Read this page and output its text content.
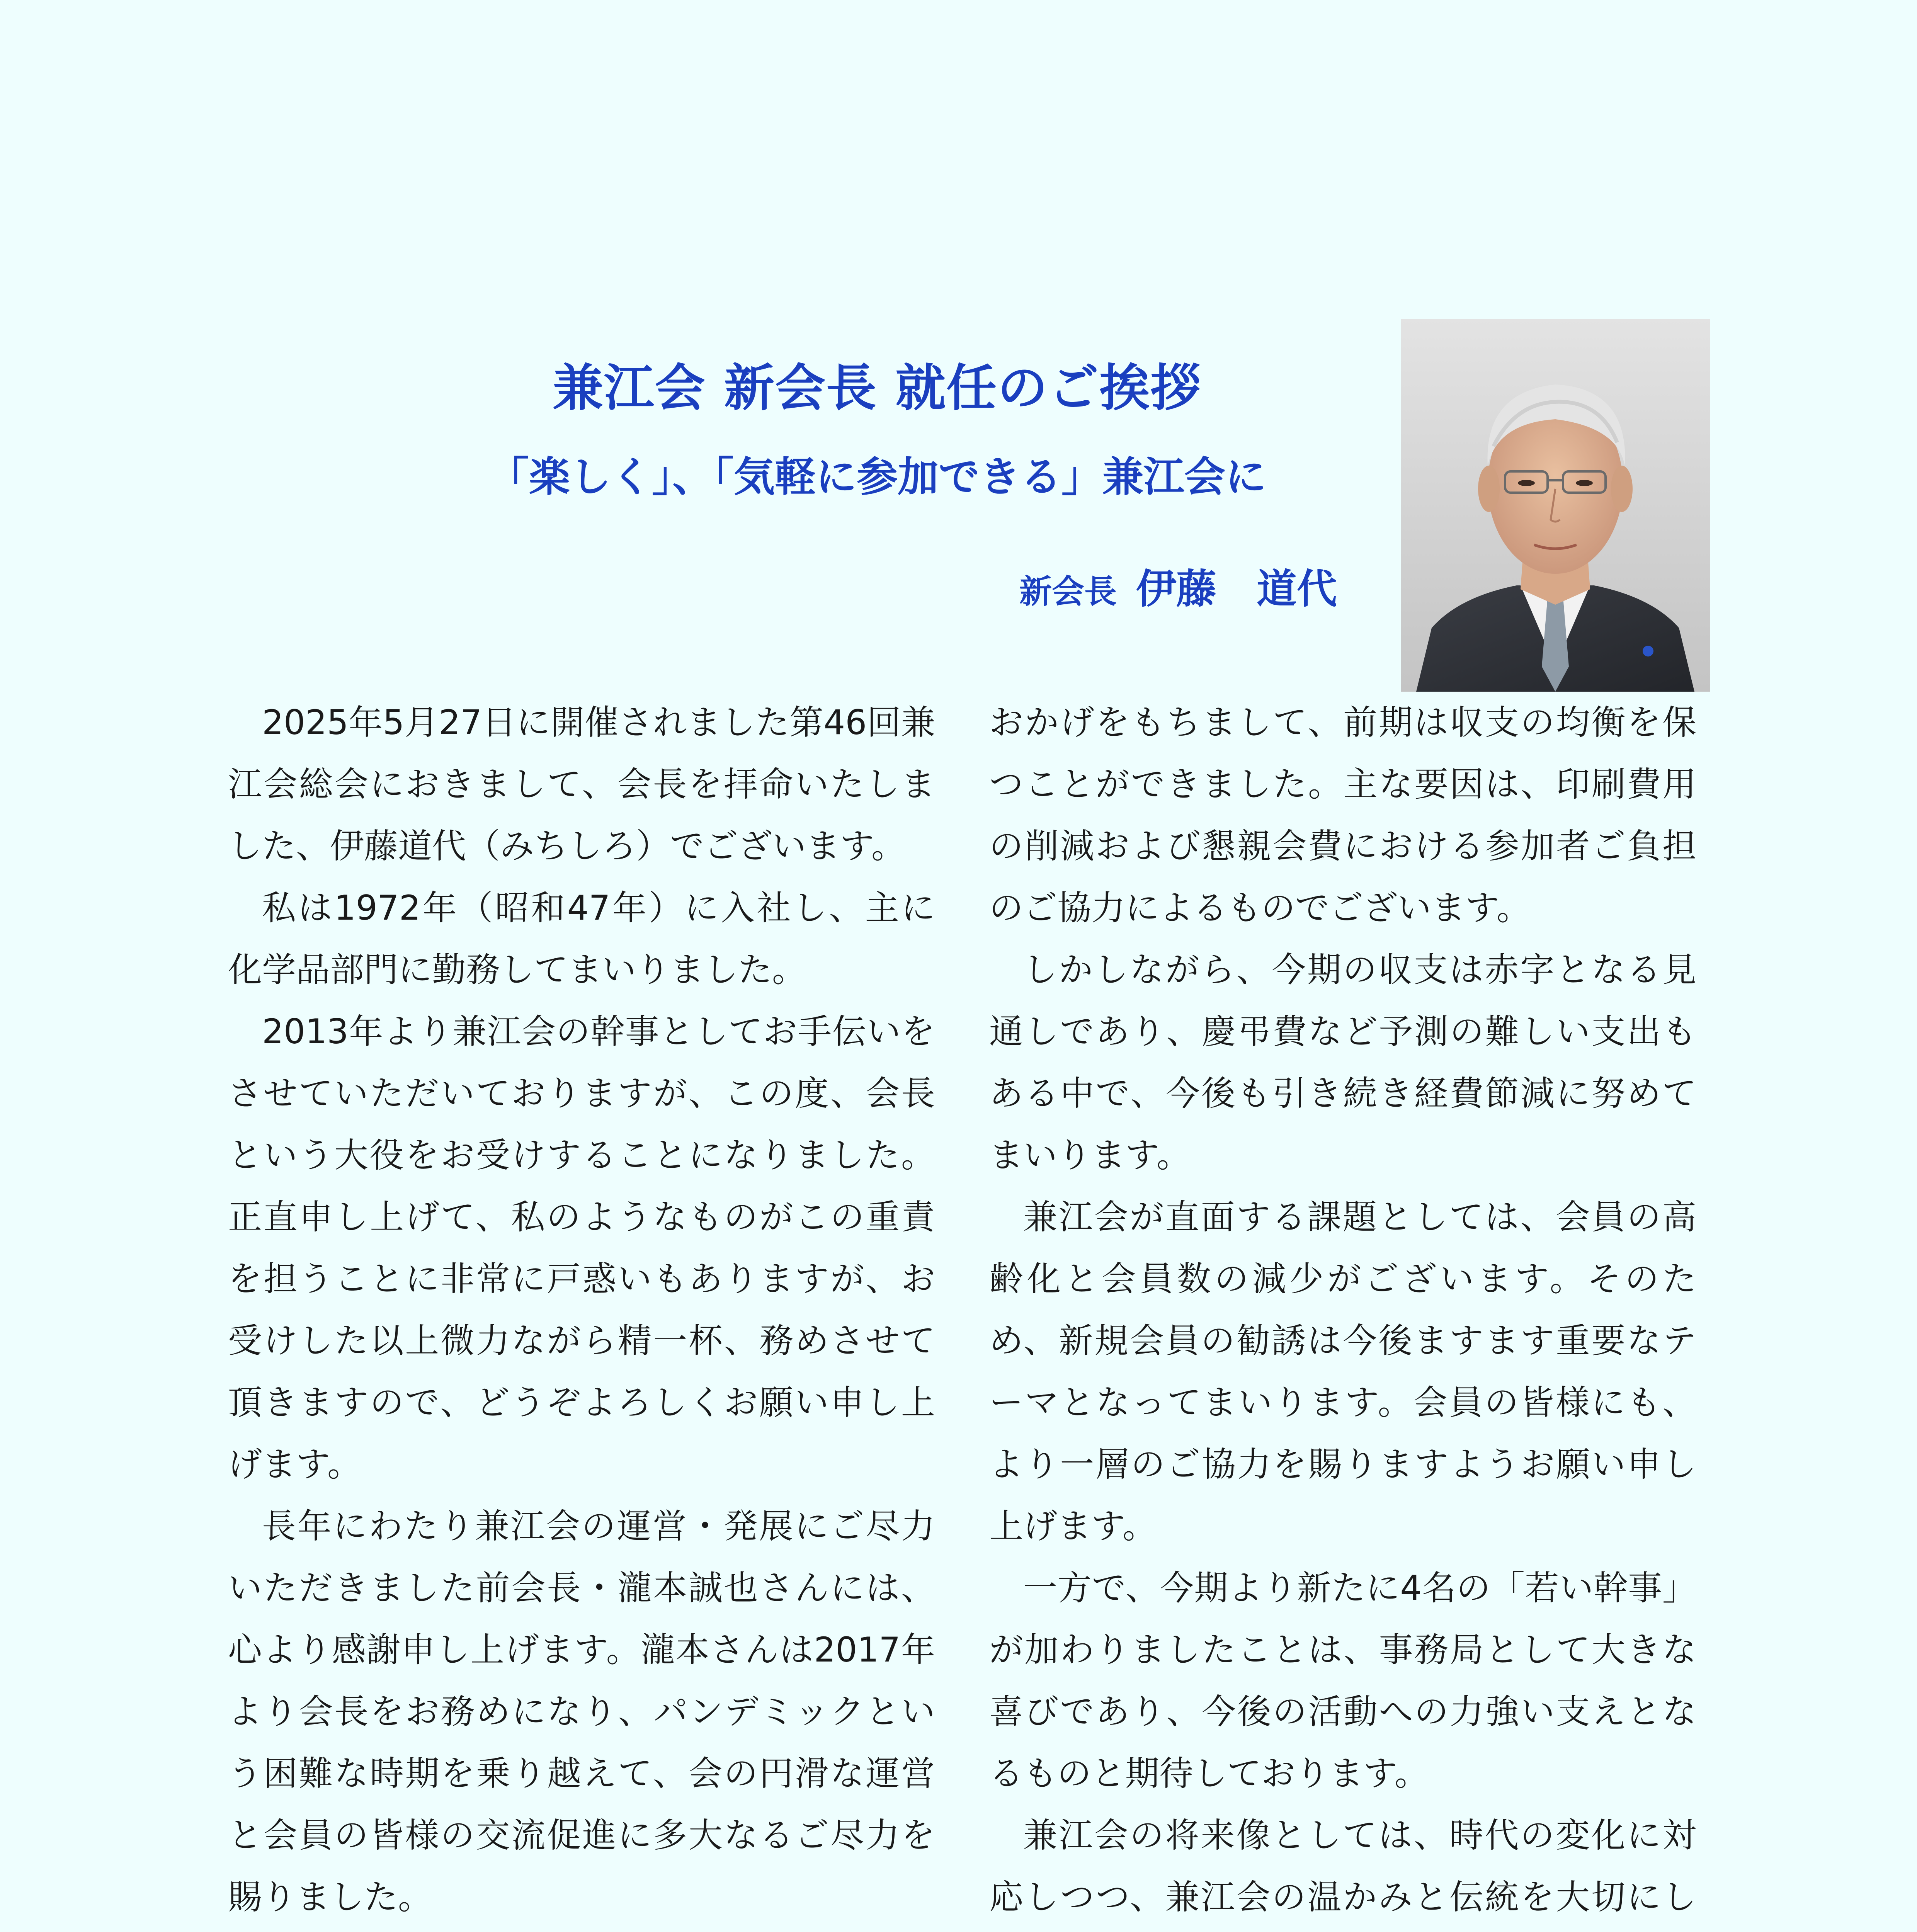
兼江会 新会長 就任のご挨拶
「楽しく」、「気軽に参加できる」兼江会に
新会長 伊藤　道代

2025年5月27日に開催されました第46回兼江会総会におきまして、会長を拝命いたしました、伊藤道代（みちしろ）でございます。

私は1972年（昭和47年）に入社し、主に化学品部門に勤務してまいりました。

2013年より兼江会の幹事としてお手伝いをさせていただいておりますが、この度、会長という大役をお受けすることになりました。正直申し上げて、私のようなものがこの重責を担うことに非常に戸惑いもありますが、お受けした以上微力ながら精一杯、務めさせて頂きますので、どうぞよろしくお願い申し上げます。

長年にわたり兼江会の運営・発展にご尽力いただきました前会長・瀧本誠也さんには、心より感謝申し上げます。瀧本さんは2017年より会長をお務めになり、パンデミックという困難な時期を乗り越えて、会の円滑な運営と会員の皆様の交流促進に多大なるご尽力を賜りました。

おかげをもちまして、前期は収支の均衡を保つことができました。主な要因は、印刷費用の削減および懇親会費における参加者ご負担のご協力によるものでございます。

しかしながら、今期の収支は赤字となる見通しであり、慶弔費など予測の難しい支出もある中で、今後も引き続き経費節減に努めてまいります。

兼江会が直面する課題としては、会員の高齢化と会員数の減少がございます。そのため、新規会員の勧誘は今後ますます重要なテーマとなってまいります。会員の皆様にも、より一層のご協力を賜りますようお願い申し上げます。

一方で、今期より新たに4名の「若い幹事」が加わりましたことは、事務局として大きな喜びであり、今後の活動への力強い支えとなるものと期待しております。

兼江会の将来像としては、時代の変化に対応しつつ、兼江会の温かみと伝統を大切にし
